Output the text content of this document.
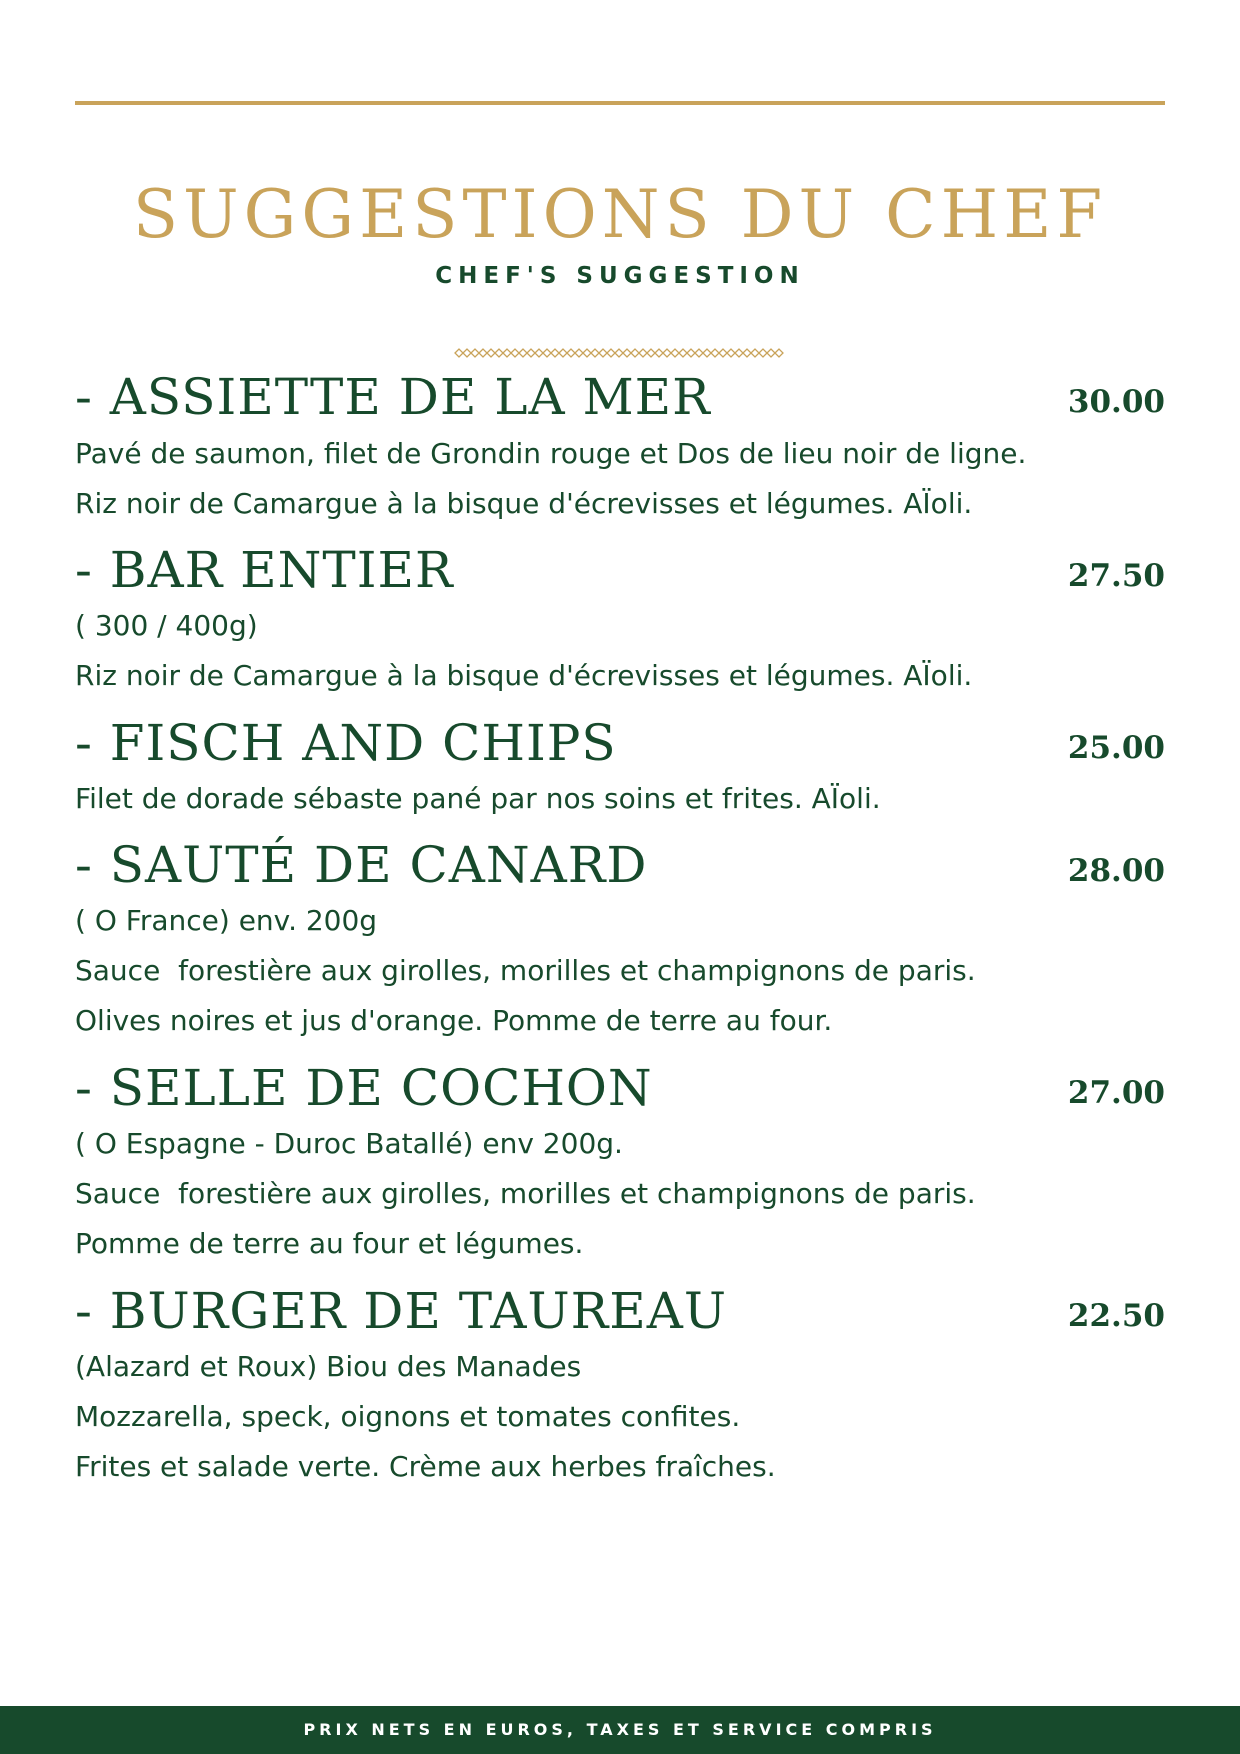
SUGGESTIONS DU CHEF
CHEF'S SUGGESTION
- ASSIETTE DE LA MER	30.00
Pavé de saumon, filet de Grondin rouge et Dos de lieu noir de ligne.
Riz noir de Camargue à la bisque d'écrevisses et légumes. AÏoli.
- BAR ENTIER	27.50
( 300 / 400g)
Riz noir de Camargue à la bisque d'écrevisses et légumes. AÏoli.
- FISCH AND CHIPS	25.00
Filet de dorade sébaste pané par nos soins et frites. AÏoli.
- SAUTÉ DE CANARD	28.00
( O France) env. 200g
Sauce  forestière aux girolles, morilles et champignons de paris.
Olives noires et jus d'orange. Pomme de terre au four.
- SELLE DE COCHON	27.00
( O Espagne - Duroc Batallé) env 200g.
Sauce  forestière aux girolles, morilles et champignons de paris.
Pomme de terre au four et légumes.
- BURGER DE TAUREAU	22.50
(Alazard et Roux) Biou des Manades
Mozzarella, speck, oignons et tomates confites.
Frites et salade verte. Crème aux herbes fraîches.
PRIX NETS EN EUROS, TAXES ET SERVICE COMPRIS
